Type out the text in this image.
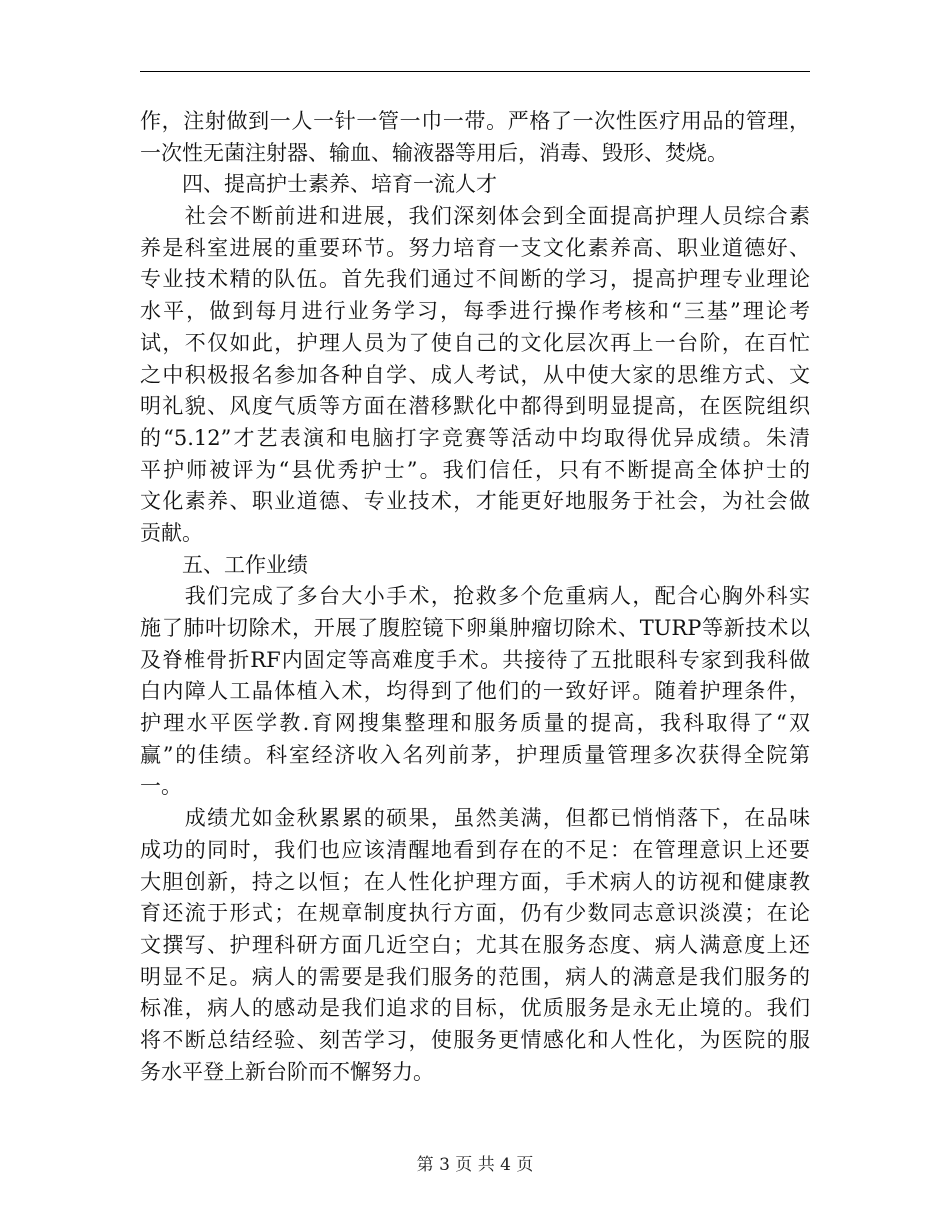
作，注射做到一人一针一管一巾一带。严格了一次性医疗用品的管理，
一次性无菌注射器、输血、输液器等用后，消毒、毁形、焚烧。
　　四、提高护士素养、培育一流人才
　　社会不断前进和进展，我们深刻体会到全面提高护理人员综合素
养是科室进展的重要环节。努力培育一支文化素养高、职业道德好、
专业技术精的队伍。首先我们通过不间断的学习，提高护理专业理论
水平，做到每月进行业务学习，每季进行操作考核和“三基”理论考
试，不仅如此，护理人员为了使自己的文化层次再上一台阶，在百忙
之中积极报名参加各种自学、成人考试，从中使大家的思维方式、文
明礼貌、风度气质等方面在潜移默化中都得到明显提高，在医院组织
的“5.12”才艺表演和电脑打字竞赛等活动中均取得优异成绩。朱清
平护师被评为“县优秀护士”。我们信任，只有不断提高全体护士的
文化素养、职业道德、专业技术，才能更好地服务于社会，为社会做
贡献。
　　五、工作业绩
　　我们完成了多台大小手术，抢救多个危重病人，配合心胸外科实
施了肺叶切除术，开展了腹腔镜下卵巢肿瘤切除术、TURP等新技术以
及脊椎骨折RF内固定等高难度手术。共接待了五批眼科专家到我科做
白内障人工晶体植入术，均得到了他们的一致好评。随着护理条件，
护理水平医学教.育网搜集整理和服务质量的提高，我科取得了“双
赢”的佳绩。科室经济收入名列前茅，护理质量管理多次获得全院第
一。
　　成绩尤如金秋累累的硕果，虽然美满，但都已悄悄落下，在品味
成功的同时，我们也应该清醒地看到存在的不足：在管理意识上还要
大胆创新，持之以恒；在人性化护理方面，手术病人的访视和健康教
育还流于形式；在规章制度执行方面，仍有少数同志意识淡漠；在论
文撰写、护理科研方面几近空白；尤其在服务态度、病人满意度上还
明显不足。病人的需要是我们服务的范围，病人的满意是我们服务的
标准，病人的感动是我们追求的目标，优质服务是永无止境的。我们
将不断总结经验、刻苦学习，使服务更情感化和人性化，为医院的服
务水平登上新台阶而不懈努力。
第 3 页 共 4 页
